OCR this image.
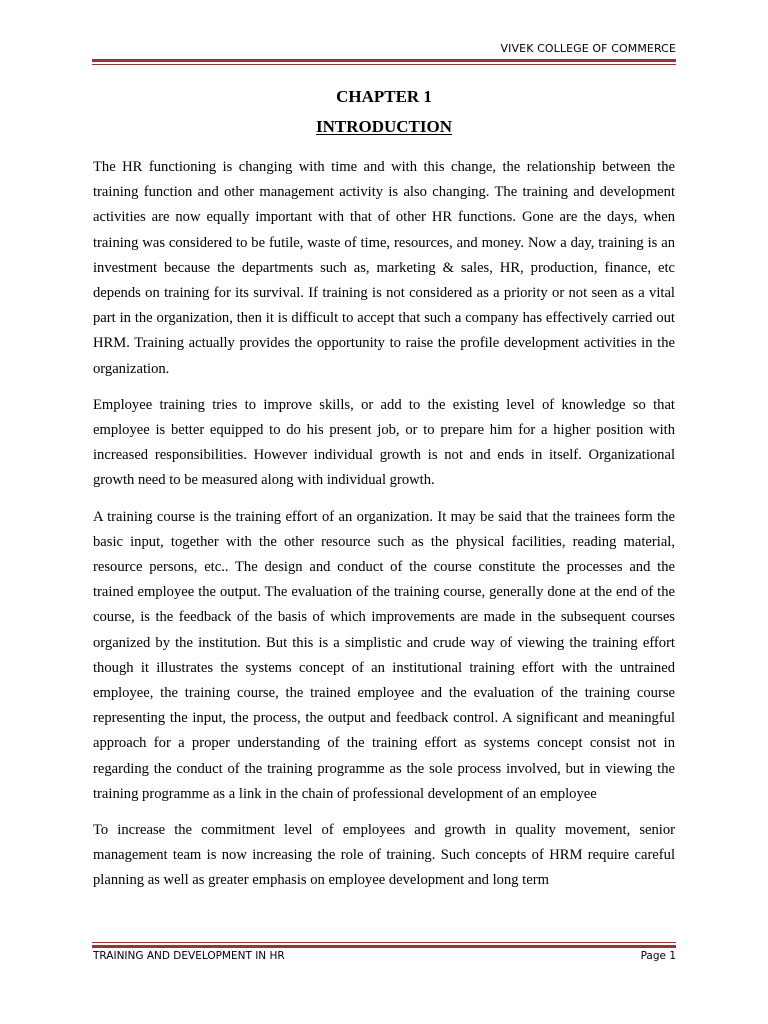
VIVEK COLLEGE OF COMMERCE
CHAPTER 1
INTRODUCTION

The HR functioning is changing with time and with this change, the relationship between the training function and other management activity is also changing. The training and development activities are now equally important with that of other HR functions. Gone are the days, when training was considered to be futile, waste of time, resources, and money. Now a day, training is an investment because the departments such as, marketing & sales, HR, production, finance, etc depends on training for its survival. If training is not considered as a priority or not seen as a vital part in the organization, then it is difficult to accept that such a company has effectively carried out HRM. Training actually provides the opportunity to raise the profile development activities in the organization.

Employee training tries to improve skills, or add to the existing level of knowledge so that employee is better equipped to do his present job, or to prepare him for a higher position with increased responsibilities. However individual growth is not and ends in itself. Organizational growth need to be measured along with individual growth.

A training course is the training effort of an organization. It may be said that the trainees form the basic input, together with the other resource such as the physical facilities, reading material, resource persons, etc.. The design and conduct of the course constitute the processes and the trained employee the output. The evaluation of the training course, generally done at the end of the course, is the feedback of the basis of which improvements are made in the subsequent courses organized by the institution. But this is a simplistic and crude way of viewing the training effort though it illustrates the systems concept of an institutional training effort with the untrained employee, the training course, the trained employee and the evaluation of the training course representing the input, the process, the output and feedback control. A significant and meaningful approach for a proper understanding of the training effort as systems concept consist not in regarding the conduct of the training programme as the sole process involved, but in viewing the training programme as a link in the chain of professional development of an employee

To increase the commitment level of employees and growth in quality movement, senior management team is now increasing the role of training. Such concepts of HRM require careful planning as well as greater emphasis on employee development and long term

TRAINING AND DEVELOPMENT IN HR	Page 1
